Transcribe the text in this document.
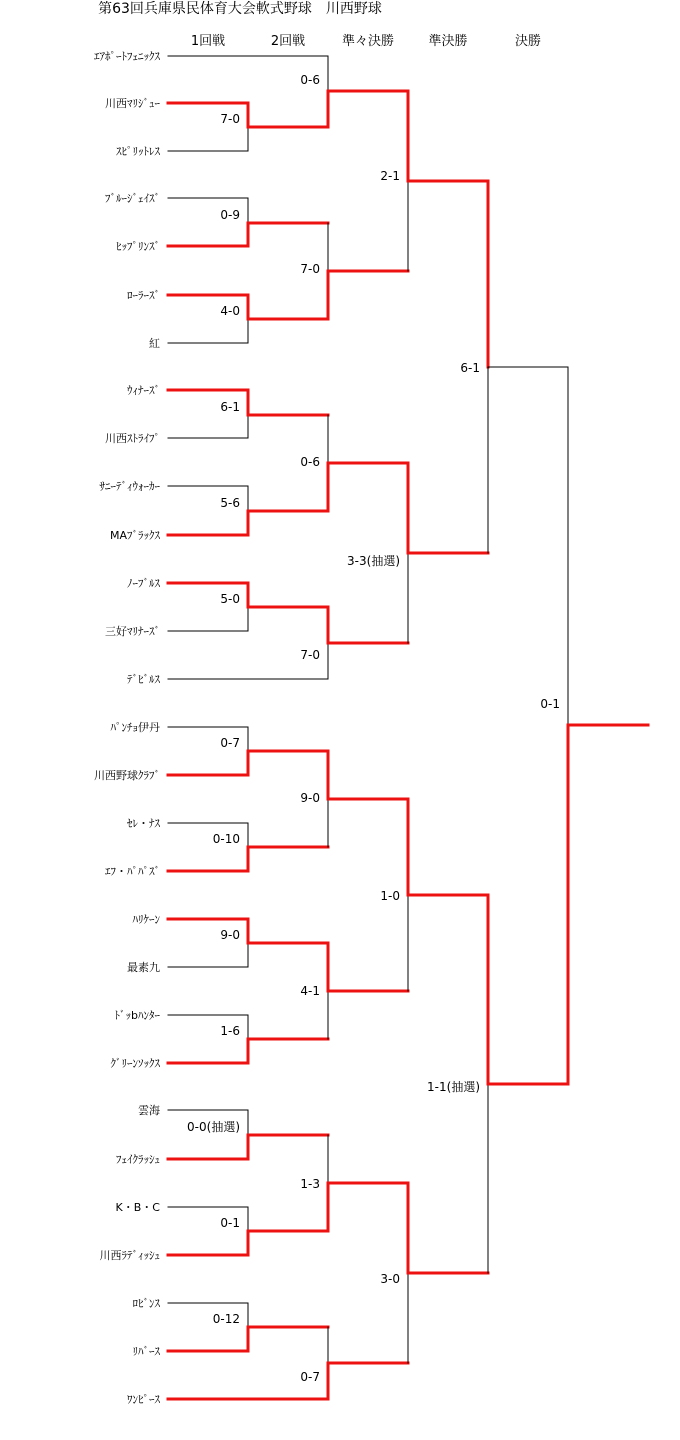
第63回兵庫県民体育大会軟式野球　川西野球
1回戦	2回戦	準々決勝	準決勝	決勝
ｴｱﾎﾟｰﾄﾌｪﾆｯｸｽ
川西ﾏﾘｼﾞｭｰ
ｽﾋﾟﾘｯﾄﾚｽ
ﾌﾞﾙｰｼﾞｪｲｽﾞ
ﾋｯﾌﾟﾘﾝｽﾞ
ﾛｰﾗｰｽﾞ
紅
ｳｨﾅｰｽﾞ
川西ｽﾄﾗｲﾌﾟ
ｻﾆｰﾃﾞｨｳｫｰｶｰ
MAﾌﾞﾗｯｸｽ
ﾉｰﾌﾞﾙｽ
三好ﾏﾘﾅｰｽﾞ
ﾃﾞﾋﾞﾙｽ
ﾊﾟﾝﾁｮ伊丹
川西野球ｸﾗﾌﾞ
ｾﾚ・ﾅｽ
ｴﾌ・ﾊﾟﾊﾟｽﾞ
ﾊﾘｹｰﾝ
最素九
ﾄﾞｯbﾊﾝﾀｰ
ｸﾞﾘｰﾝｿｯｸｽ
雲海
ﾌｪｲｸﾗｯｼｭ
K・B・C
川西ﾗﾃﾞｨｯｼｭ
ﾛﾋﾞﾝｽ
ﾘﾊﾞｰｽ
ﾜﾝﾋﾟｰｽ
7-0
0-9
4-0
6-1
5-6
5-0
0-7
0-10
9-0
1-6
0-0(抽選)
0-1
0-12
0-6
7-0
0-6
7-0
9-0
4-1
1-3
0-7
2-1
3-3(抽選)
1-0
3-0
6-1
1-1(抽選)
0-1
